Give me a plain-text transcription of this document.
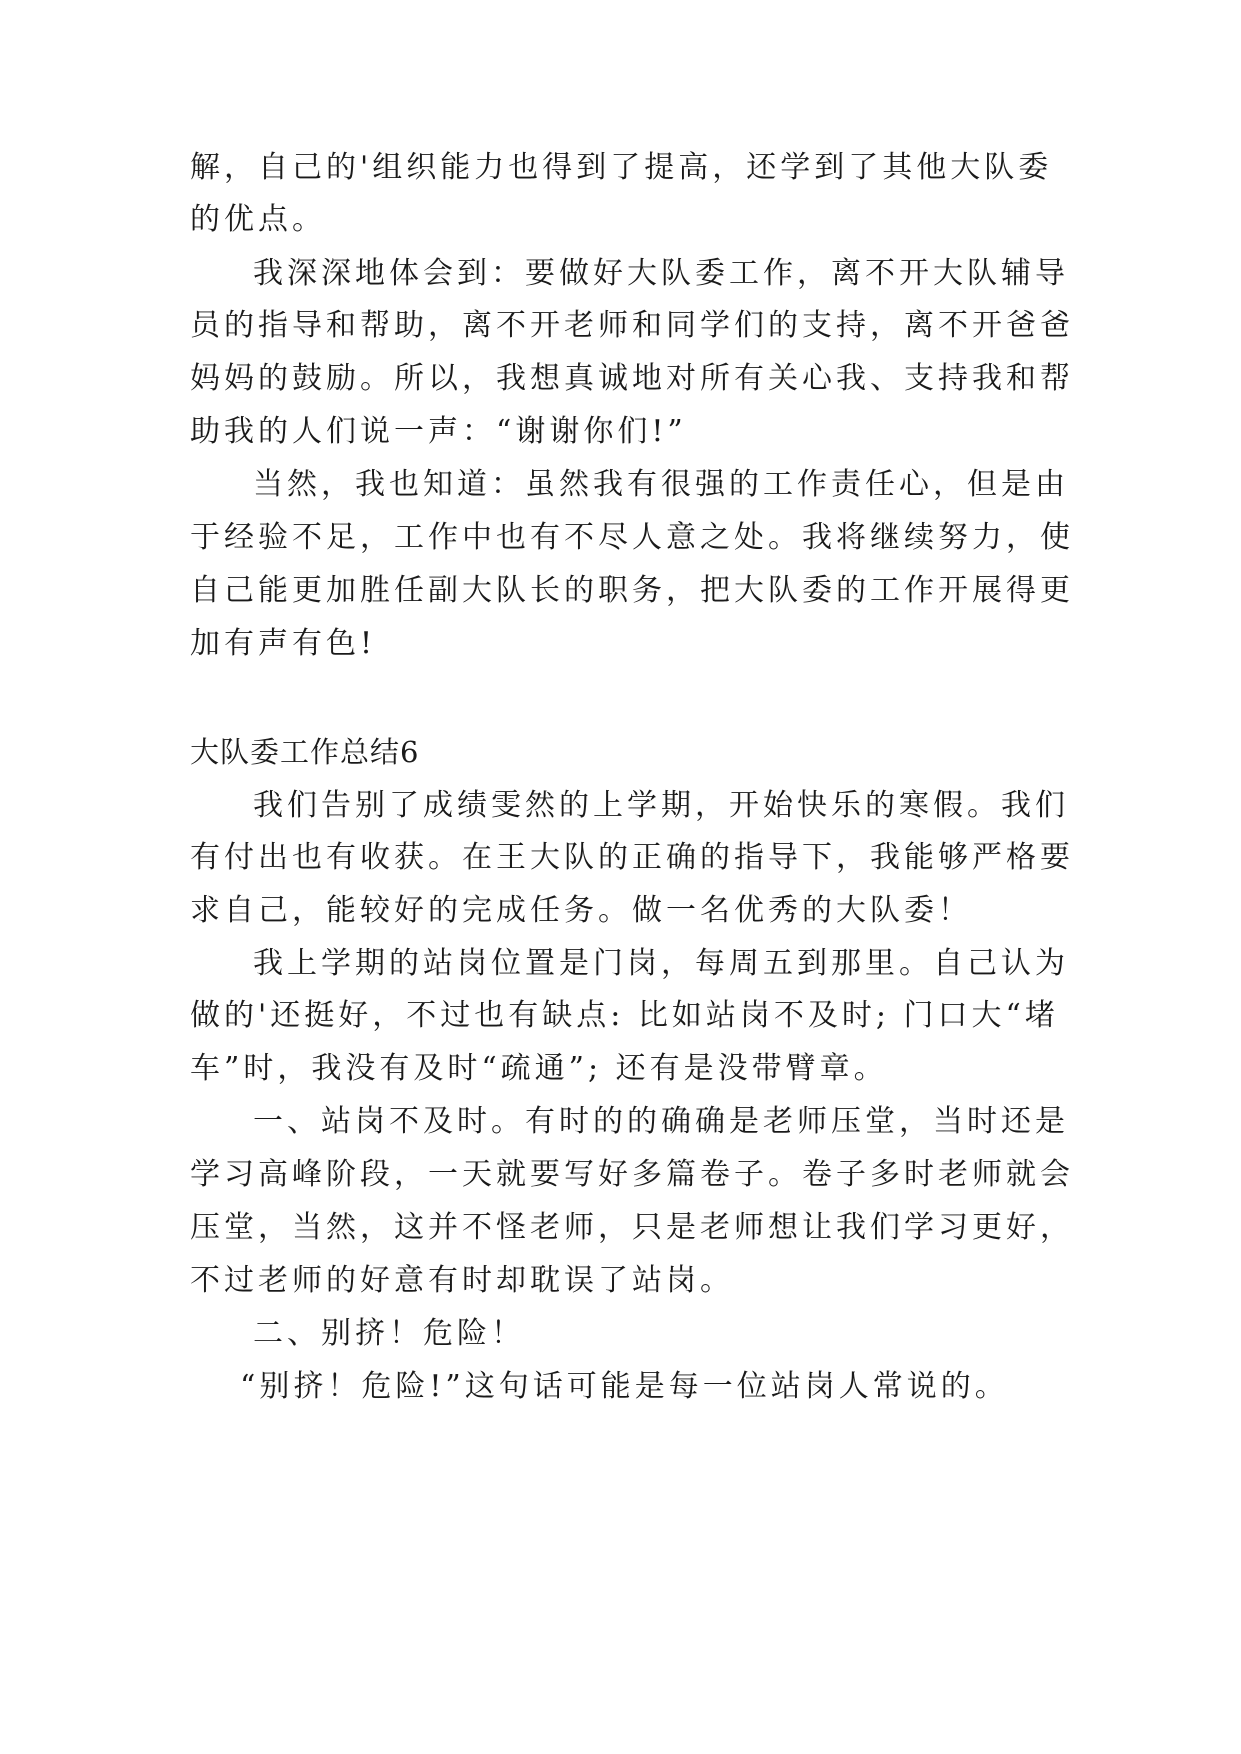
解，自己的'组织能力也得到了提高，还学到了其他大队委
的优点。
我深深地体会到：要做好大队委工作，离不开大队辅导
员的指导和帮助，离不开老师和同学们的支持，离不开爸爸
妈妈的鼓励。所以，我想真诚地对所有关心我、支持我和帮
助我的人们说一声：“谢谢你们!”
当然，我也知道：虽然我有很强的工作责任心，但是由
于经验不足，工作中也有不尽人意之处。我将继续努力，使
自己能更加胜任副大队长的职务，把大队委的工作开展得更
加有声有色!
大队委工作总结6
我们告别了成绩雯然的上学期，开始快乐的寒假。我们
有付出也有收获。在王大队的正确的指导下，我能够严格要
求自己，能较好的完成任务。做一名优秀的大队委！
我上学期的站岗位置是门岗，每周五到那里。自己认为
做的'还挺好，不过也有缺点: 比如站岗不及时; 门口大“堵
车”时，我没有及时“疏通”; 还有是没带臂章。
一、站岗不及时。有时的的确确是老师压堂，当时还是
学习高峰阶段，一天就要写好多篇卷子。卷子多时老师就会
压堂，当然，这并不怪老师，只是老师想让我们学习更好，
不过老师的好意有时却耽误了站岗。
二、别挤！危险！
“别挤！危险!”这句话可能是每一位站岗人常说的。
